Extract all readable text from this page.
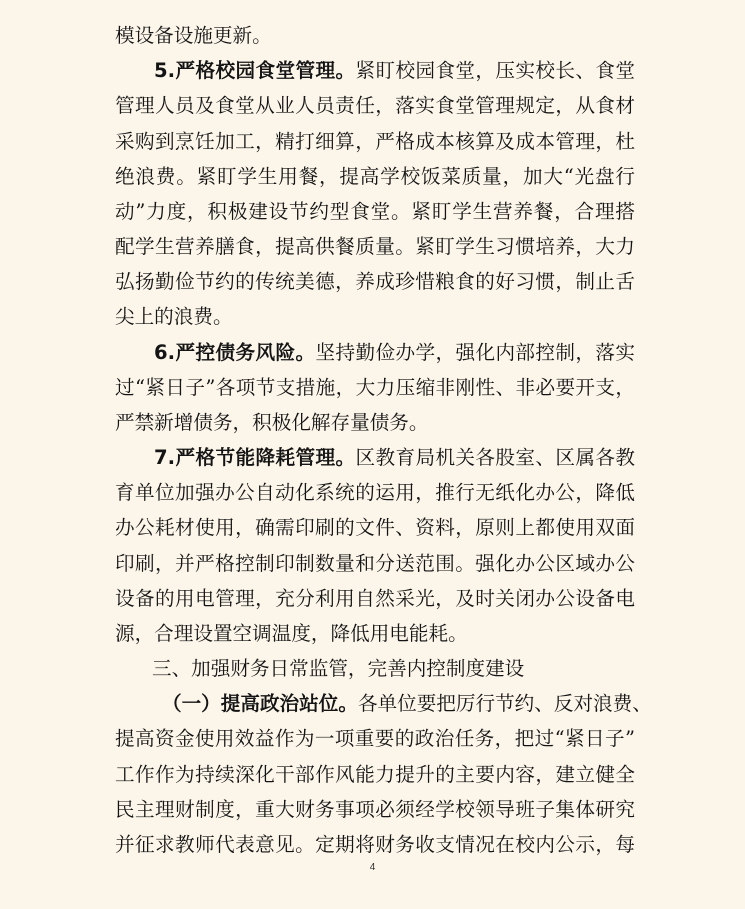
模设备设施更新。

5.严格校园食堂管理。紧盯校园食堂，压实校长、食堂

管理人员及食堂从业人员责任，落实食堂管理规定，从食材

采购到烹饪加工，精打细算，严格成本核算及成本管理，杜

绝浪费。紧盯学生用餐，提高学校饭菜质量，加大“光盘行

动”力度，积极建设节约型食堂。紧盯学生营养餐，合理搭

配学生营养膳食，提高供餐质量。紧盯学生习惯培养，大力

弘扬勤俭节约的传统美德，养成珍惜粮食的好习惯，制止舌

尖上的浪费。

6.严控债务风险。坚持勤俭办学，强化内部控制，落实

过“紧日子”各项节支措施，大力压缩非刚性、非必要开支，

严禁新增债务，积极化解存量债务。

7.严格节能降耗管理。区教育局机关各股室、区属各教

育单位加强办公自动化系统的运用，推行无纸化办公，降低

办公耗材使用，确需印刷的文件、资料，原则上都使用双面

印刷，并严格控制印制数量和分送范围。强化办公区域办公

设备的用电管理，充分利用自然采光，及时关闭办公设备电

源，合理设置空调温度，降低用电能耗。

三、加强财务日常监管，完善内控制度建设

（一）提高政治站位。各单位要把厉行节约、反对浪费、

提高资金使用效益作为一项重要的政治任务，把过“紧日子”

工作作为持续深化干部作风能力提升的主要内容，建立健全

民主理财制度，重大财务事项必须经学校领导班子集体研究

4

并征求教师代表意见。定期将财务收支情况在校内公示，每
